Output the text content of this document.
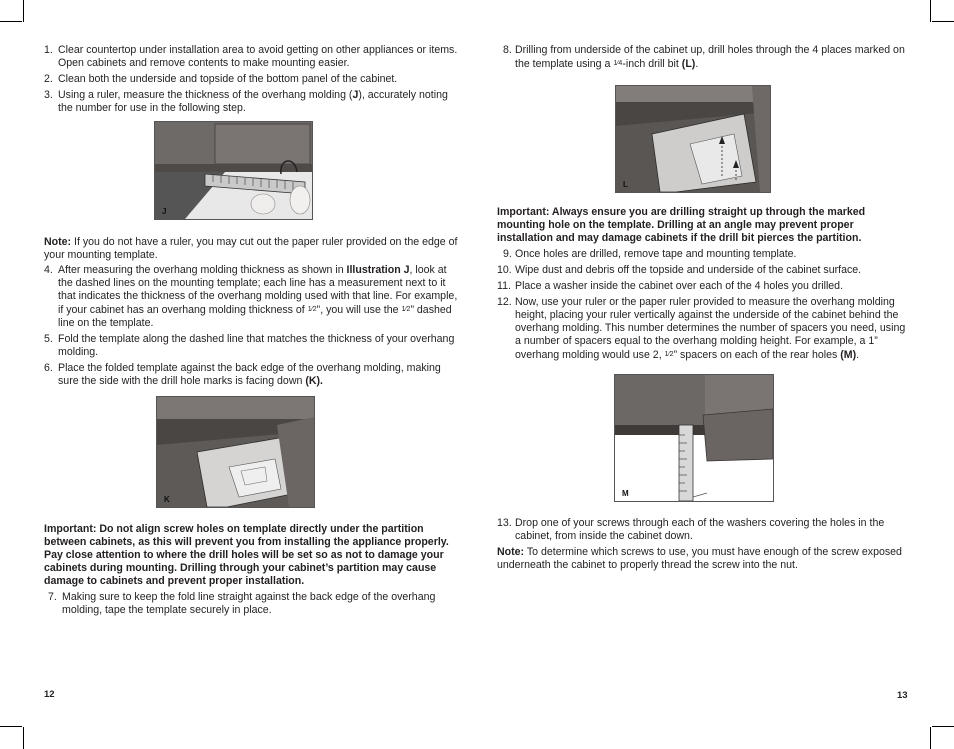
1. Clear countertop under installation area to avoid getting on other appliances or items. Open cabinets and remove contents to make mounting easier.
2. Clean both the underside and topside of the bottom panel of the cabinet.
3. Using a ruler, measure the thickness of the overhang molding (J), accurately noting the number for use in the following step.
J

Note: If you do not have a ruler, you may cut out the paper ruler provided on the edge of your mounting template.

4. After measuring the overhang molding thickness as shown in Illustration J, look at the dashed lines on the mounting template; each line has a measurement next to it that indicates the thickness of the overhang molding used with that line. For example, if your cabinet has an overhang molding thickness of 1⁄2”, you will use the 1⁄2” dashed line on the template.
5. Fold the template along the dashed line that matches the thickness of your overhang molding.
6. Place the folded template against the back edge of the overhang molding, making sure the side with the drill hole marks is facing down (K).
K
Important: Do not align screw holes on template directly under the partition between cabinets, as this will prevent you from installing the appliance properly. Pay close attention to where the drill holes will be set so as not to damage your cabinets during mounting. Drilling through your cabinet’s partition may cause damage to cabinets and prevent proper installation.
7. Making sure to keep the fold line straight against the back edge of the overhang molding, tape the template securely in place.
12
8. Drilling from underside of the cabinet up, drill holes through the 4 places marked on the template using a 1⁄4-inch drill bit (L).
L
Important: Always ensure you are drilling straight up through the marked mounting hole on the template. Drilling at an angle may prevent proper installation and may damage cabinets if the drill bit pierces the partition.
9. Once holes are drilled, remove tape and mounting template.
10. Wipe dust and debris off the topside and underside of the cabinet surface.
11. Place a washer inside the cabinet over each of the 4 holes you drilled.
12. Now, use your ruler or the paper ruler provided to measure the overhang molding height, placing your ruler vertically against the underside of the cabinet behind the overhang molding. This number determines the number of spacers you need, using a number of spacers equal to the overhang molding height. For example, a 1” overhang molding would use 2, 1⁄2” spacers on each of the rear holes (M).
M
13. Drop one of your screws through each of the washers covering the holes in the cabinet, from inside the cabinet down.

Note: To determine which screws to use, you must have enough of the screw exposed underneath the cabinet to properly thread the screw into the nut.

13
